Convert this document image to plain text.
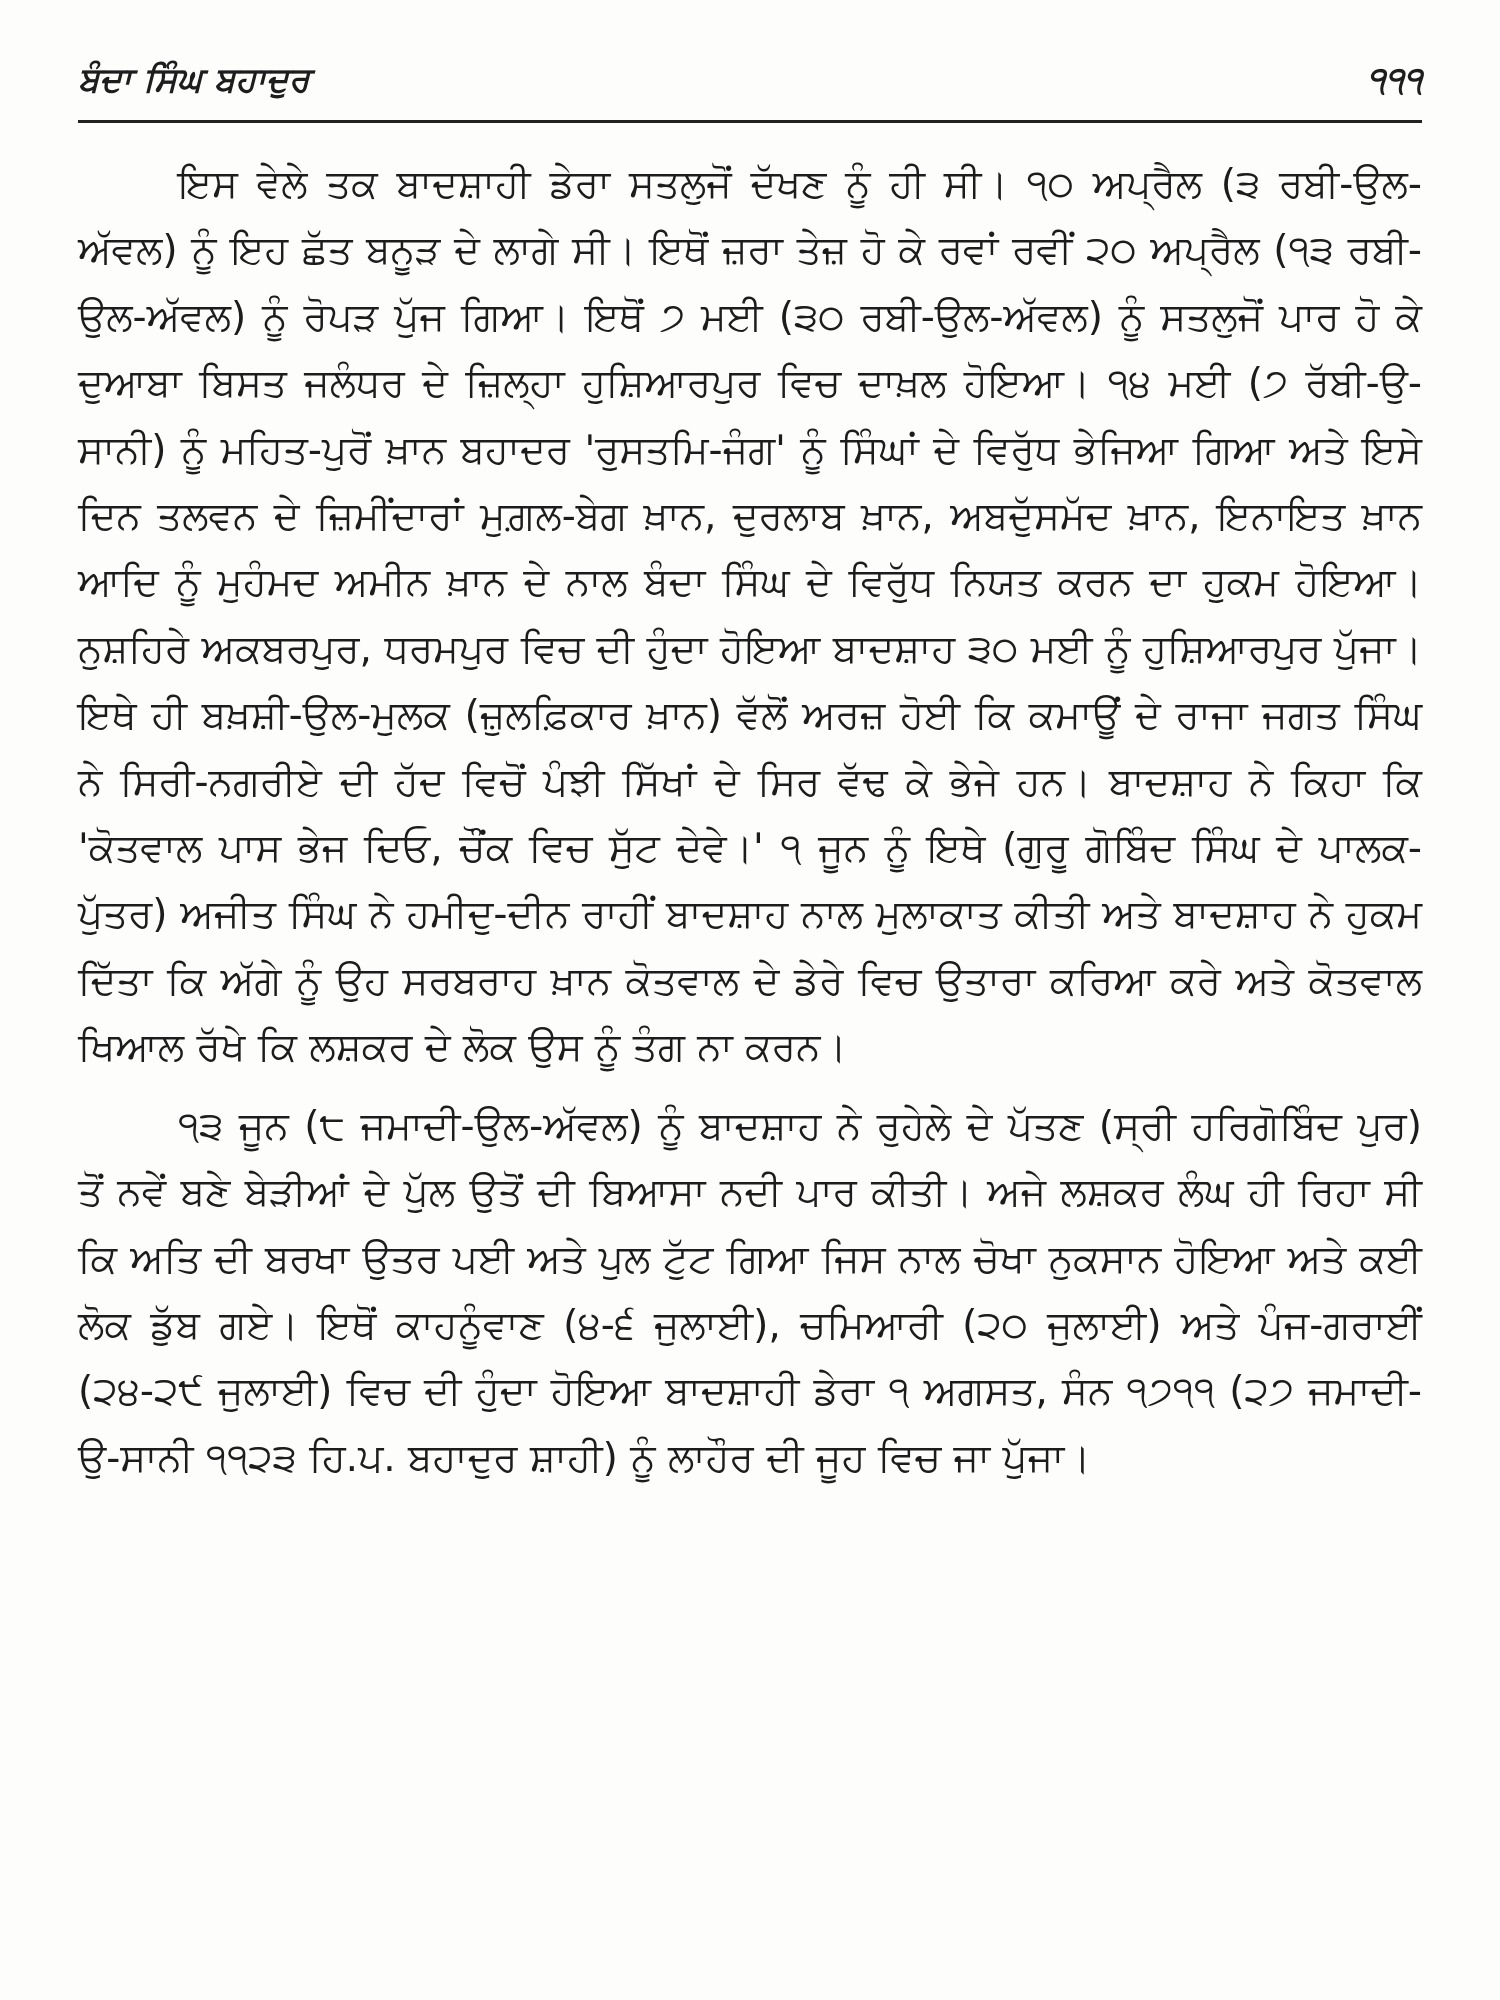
ਬੰਦਾ ਸਿੰਘ ਬਹਾਦੁਰ	੧੧੧

ਇਸ ਵੇਲੇ ਤਕ ਬਾਦਸ਼ਾਹੀ ਡੇਰਾ ਸਤਲੁਜੋਂ ਦੱਖਣ ਨੂੰ ਹੀ ਸੀ। ੧੦ ਅਪ੍ਰੈਲ (੩ ਰਬੀ-ਉਲ-ਅੱਵਲ) ਨੂੰ ਇਹ ਛੱਤ ਬਨੂੜ ਦੇ ਲਾਗੇ ਸੀ। ਇਥੋਂ ਜ਼ਰਾ ਤੇਜ਼ ਹੋ ਕੇ ਰਵਾਂ ਰਵੀਂ ੨੦ ਅਪ੍ਰੈਲ (੧੩ ਰਬੀ-ਉਲ-ਅੱਵਲ) ਨੂੰ ਰੋਪੜ ਪੁੱਜ ਗਿਆ। ਇਥੋਂ ੭ ਮਈ (੩੦ ਰਬੀ-ਉਲ-ਅੱਵਲ) ਨੂੰ ਸਤਲੁਜੋਂ ਪਾਰ ਹੋ ਕੇ ਦੁਆਬਾ ਬਿਸਤ ਜਲੰਧਰ ਦੇ ਜ਼ਿਲ੍ਹਾ ਹੁਸ਼ਿਆਰਪੁਰ ਵਿਚ ਦਾਖ਼ਲ ਹੋਇਆ। ੧੪ ਮਈ (੭ ਰੱਬੀ-ਉ-ਸਾਨੀ) ਨੂੰ ਮਹਿਤ-ਪੁਰੋਂ ਖ਼ਾਨ ਬਹਾਦਰ 'ਰੁਸਤਮਿ-ਜੰਗ' ਨੂੰ ਸਿੰਘਾਂ ਦੇ ਵਿਰੁੱਧ ਭੇਜਿਆ ਗਿਆ ਅਤੇ ਇਸੇ ਦਿਨ ਤਲਵਨ ਦੇ ਜ਼ਿਮੀਂਦਾਰਾਂ ਮੁਗ਼ਲ-ਬੇਗ ਖ਼ਾਨ, ਦੁਰਲਾਬ ਖ਼ਾਨ, ਅਬਦੁੱਸਮੱਦ ਖ਼ਾਨ, ਇਨਾਇਤ ਖ਼ਾਨ ਆਦਿ ਨੂੰ ਮੁਹੰਮਦ ਅਮੀਨ ਖ਼ਾਨ ਦੇ ਨਾਲ ਬੰਦਾ ਸਿੰਘ ਦੇ ਵਿਰੁੱਧ ਨਿਯਤ ਕਰਨ ਦਾ ਹੁਕਮ ਹੋਇਆ। ਨੁਸ਼ਹਿਰੇ ਅਕਬਰਪੁਰ, ਧਰਮਪੁਰ ਵਿਚ ਦੀ ਹੁੰਦਾ ਹੋਇਆ ਬਾਦਸ਼ਾਹ ੩੦ ਮਈ ਨੂੰ ਹੁਸ਼ਿਆਰਪੁਰ ਪੁੱਜਾ। ਇਥੇ ਹੀ ਬਖ਼ਸ਼ੀ-ਉਲ-ਮੁਲਕ (ਜ਼ੁਲਫ਼ਿਕਾਰ ਖ਼ਾਨ) ਵੱਲੋਂ ਅਰਜ਼ ਹੋਈ ਕਿ ਕਮਾਊਂ ਦੇ ਰਾਜਾ ਜਗਤ ਸਿੰਘ ਨੇ ਸਿਰੀ-ਨਗਰੀਏ ਦੀ ਹੱਦ ਵਿਚੋਂ ਪੰਝੀ ਸਿੱਖਾਂ ਦੇ ਸਿਰ ਵੱਢ ਕੇ ਭੇਜੇ ਹਨ। ਬਾਦਸ਼ਾਹ ਨੇ ਕਿਹਾ ਕਿ 'ਕੋਤਵਾਲ ਪਾਸ ਭੇਜ ਦਿਓ, ਚੌਂਕ ਵਿਚ ਸੁੱਟ ਦੇਵੇ।' ੧ ਜੂਨ ਨੂੰ ਇਥੇ (ਗੁਰੂ ਗੋਬਿੰਦ ਸਿੰਘ ਦੇ ਪਾਲਕ-ਪੁੱਤਰ) ਅਜੀਤ ਸਿੰਘ ਨੇ ਹਮੀਦੁ-ਦੀਨ ਰਾਹੀਂ ਬਾਦਸ਼ਾਹ ਨਾਲ ਮੁਲਾਕਾਤ ਕੀਤੀ ਅਤੇ ਬਾਦਸ਼ਾਹ ਨੇ ਹੁਕਮ ਦਿੱਤਾ ਕਿ ਅੱਗੇ ਨੂੰ ਉਹ ਸਰਬਰਾਹ ਖ਼ਾਨ ਕੋਤਵਾਲ ਦੇ ਡੇਰੇ ਵਿਚ ਉਤਾਰਾ ਕਰਿਆ ਕਰੇ ਅਤੇ ਕੋਤਵਾਲ ਖਿਆਲ ਰੱਖੇ ਕਿ ਲਸ਼ਕਰ ਦੇ ਲੋਕ ਉਸ ਨੂੰ ਤੰਗ ਨਾ ਕਰਨ।

੧੩ ਜੂਨ (੮ ਜਮਾਦੀ-ਉਲ-ਅੱਵਲ) ਨੂੰ ਬਾਦਸ਼ਾਹ ਨੇ ਰੁਹੇਲੇ ਦੇ ਪੱਤਣ (ਸ੍ਰੀ ਹਰਿਗੋਬਿੰਦ ਪੁਰ) ਤੋਂ ਨਵੇਂ ਬਣੇ ਬੇੜੀਆਂ ਦੇ ਪੁੱਲ ਉਤੋਂ ਦੀ ਬਿਆਸਾ ਨਦੀ ਪਾਰ ਕੀਤੀ। ਅਜੇ ਲਸ਼ਕਰ ਲੰਘ ਹੀ ਰਿਹਾ ਸੀ ਕਿ ਅਤਿ ਦੀ ਬਰਖਾ ਉਤਰ ਪਈ ਅਤੇ ਪੁਲ ਟੁੱਟ ਗਿਆ ਜਿਸ ਨਾਲ ਚੋਖਾ ਨੁਕਸਾਨ ਹੋਇਆ ਅਤੇ ਕਈ ਲੋਕ ਡੁੱਬ ਗਏ। ਇਥੋਂ ਕਾਹਨੂੰਵਾਣ (੪-੬ ਜੁਲਾਈ), ਚਮਿਆਰੀ (੨੦ ਜੁਲਾਈ) ਅਤੇ ਪੰਜ-ਗਰਾਈਂ (੨੪-੨੯ ਜੁਲਾਈ) ਵਿਚ ਦੀ ਹੁੰਦਾ ਹੋਇਆ ਬਾਦਸ਼ਾਹੀ ਡੇਰਾ ੧ ਅਗਸਤ, ਸੰਨ ੧੭੧੧ (੨੭ ਜਮਾਦੀ-ਉ-ਸਾਨੀ ੧੧੨੩ ਹਿ.ਪ. ਬਹਾਦੁਰ ਸ਼ਾਹੀ) ਨੂੰ ਲਾਹੌਰ ਦੀ ਜੂਹ ਵਿਚ ਜਾ ਪੁੱਜਾ।
